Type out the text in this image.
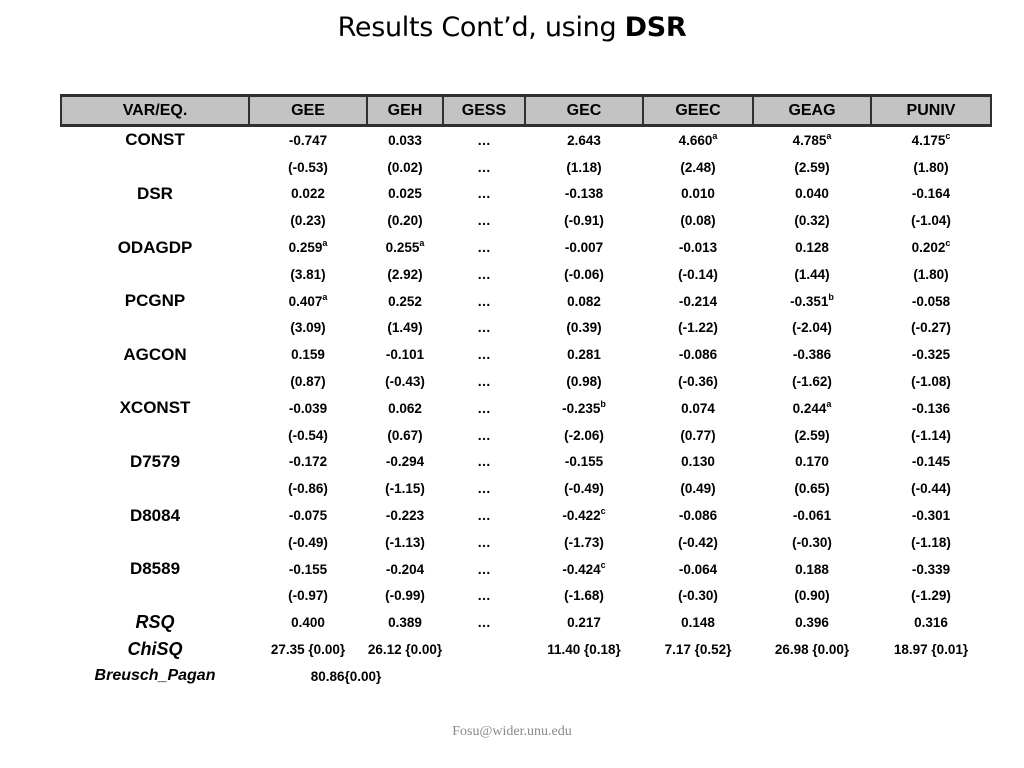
Results Cont’d, using DSR
VAR/EQ.	GEE	GEH	GESS	GEC	GEEC	GEAG	PUNIV
CONST	-0.747	0.033	…	2.643	4.660$^a$	4.785$^a$	4.175$^c$
	(-0.53)	(0.02)	…	(1.18)	(2.48)	(2.59)	(1.80)
DSR	0.022	0.025	…	-0.138	0.010	0.040	-0.164
	(0.23)	(0.20)	…	(-0.91)	(0.08)	(0.32)	(-1.04)
ODAGDP	0.259$^a$	0.255$^a$	…	-0.007	-0.013	0.128	0.202$^c$
	(3.81)	(2.92)	…	(-0.06)	(-0.14)	(1.44)	(1.80)
PCGNP	0.407$^a$	0.252	…	0.082	-0.214	-0.351$^b$	-0.058
	(3.09)	(1.49)	…	(0.39)	(-1.22)	(-2.04)	(-0.27)
AGCON	0.159	-0.101	…	0.281	-0.086	-0.386	-0.325
	(0.87)	(-0.43)	…	(0.98)	(-0.36)	(-1.62)	(-1.08)
XCONST	-0.039	0.062	…	-0.235$^b$	0.074	0.244$^a$	-0.136
	(-0.54)	(0.67)	…	(-2.06)	(0.77)	(2.59)	(-1.14)
D7579	-0.172	-0.294	…	-0.155	0.130	0.170	-0.145
	(-0.86)	(-1.15)	…	(-0.49)	(0.49)	(0.65)	(-0.44)
D8084	-0.075	-0.223	…	-0.422$^c$	-0.086	-0.061	-0.301
	(-0.49)	(-1.13)	…	(-1.73)	(-0.42)	(-0.30)	(-1.18)
D8589	-0.155	-0.204	…	-0.424$^c$	-0.064	0.188	-0.339
	(-0.97)	(-0.99)	…	(-1.68)	(-0.30)	(0.90)	(-1.29)
RSQ	0.400	0.389	…	0.217	0.148	0.396	0.316
ChiSQ	27.35 {0.00}	26.12 {0.00}		11.40 {0.18}	7.17 {0.52}	26.98 {0.00}	18.97 {0.01}
Breusch_Pagan	80.86{0.00}						
Fosu@wider.unu.edu
